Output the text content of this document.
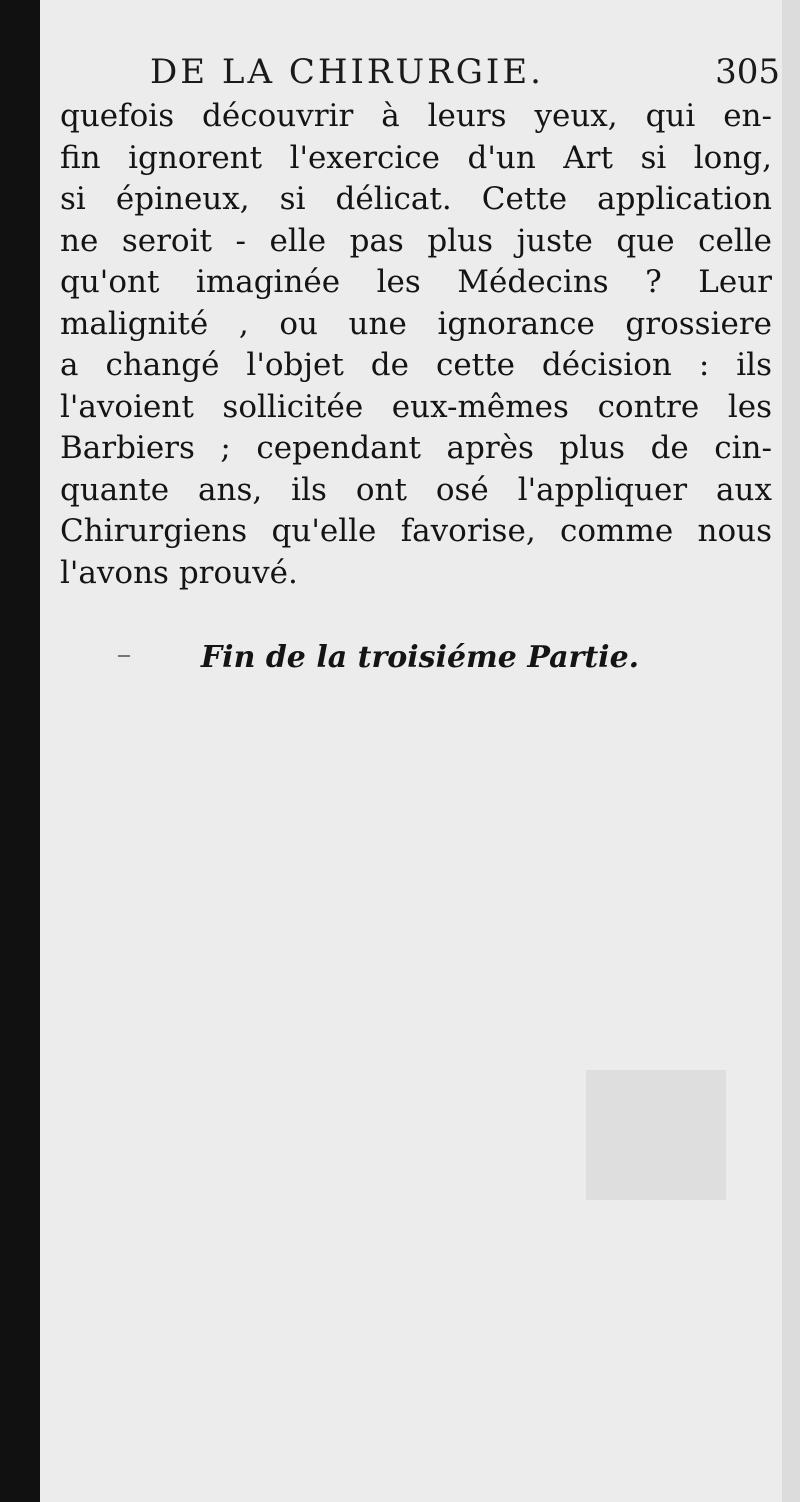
DE LA CHIRURGIE.	305
quefois découvrir à leurs yeux, qui en-
fin ignorent l'exercice d'un Art si long,
si épineux, si délicat. Cette application
ne seroit - elle pas plus juste que celle
qu'ont imaginée les Médecins ? Leur
malignité , ou une ignorance grossiere
a changé l'objet de cette décision : ils
l'avoient sollicitée eux-mêmes contre les
Barbiers ; cependant après plus de cin-
quante ans, ils ont osé l'appliquer aux
Chirurgiens qu'elle favorise, comme nous
l'avons prouvé.
Fin de la troisiéme Partie.
